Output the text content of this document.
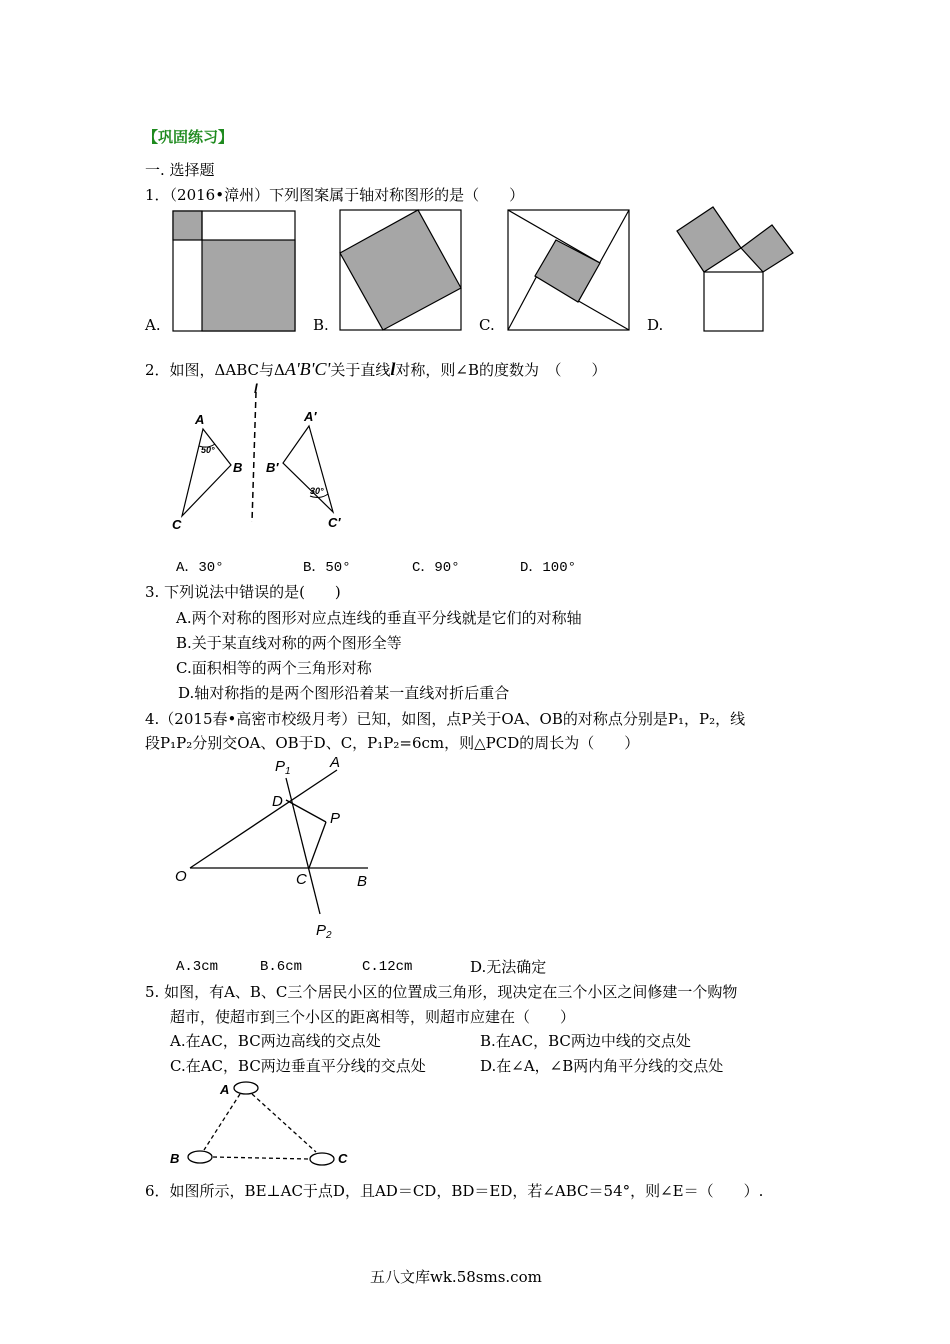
【巩固练习】
一. 选择题
1．（2016•漳州）下列图案属于轴对称图形的是（　　）
A.	B.	C.	D.
2．如图，ΔABC与ΔA'B'C'关于直线l对称，则∠B的度数为　（　　）
l
A
B
C
A′
B′
C′
50°
30°
A．30°	B．50°	C．90°	D．100°
3. 下列说法中错误的是(　　)
A.两个对称的图形对应点连线的垂直平分线就是它们的对称轴
B.关于某直线对称的两个图形全等
C.面积相等的两个三角形对称
D.轴对称指的是两个图形沿着某一直线对折后重合
4.（2015春•高密市校级月考）已知，如图，点P关于OA、OB的对称点分别是P₁，P₂，线
段P₁P₂分别交OA、OB于D、C，P₁P₂=6cm，则△PCD的周长为（　　）
$P_1$
A
D
P
O	C	B
$P_2$
A.3cm	B.6cm	C.12cm	D.无法确定
5. 如图，有A、B、C三个居民小区的位置成三角形，现决定在三个小区之间修建一个购物
超市，使超市到三个小区的距离相等，则超市应建在（　　）
A.在AC，BC两边高线的交点处	B.在AC，BC两边中线的交点处
C.在AC，BC两边垂直平分线的交点处	D.在∠A，∠B两内角平分线的交点处
A
B	C
6．如图所示，BE⊥AC于点D，且AD＝CD，BD＝ED，若∠ABC＝54°，则∠E＝（　　）.
五八文库wk.58sms.com
